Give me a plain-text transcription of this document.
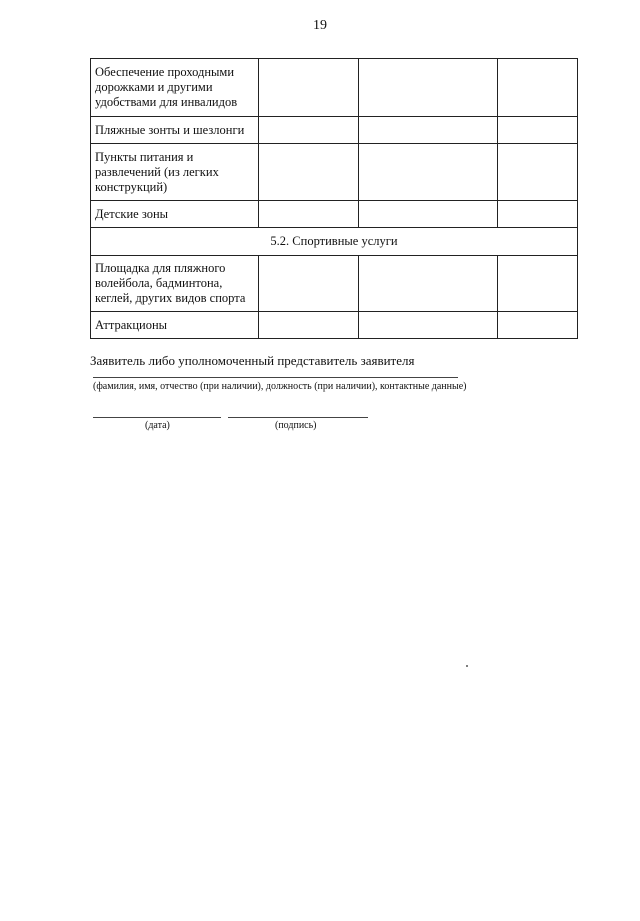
19
Обеспечение проходными дорожками и другими удобствами для инвалидов			
Пляжные зонты и шезлонги			
Пункты питания и развлечений (из легких конструкций)			
Детские зоны			
5.2. Спортивные услуги			
Площадка для пляжного волейбола, бадминтона, кеглей, других видов спорта			
Аттракционы			
Заявитель либо уполномоченный представитель заявителя
(фамилия, имя, отчество (при наличии), должность (при наличии), контактные данные)
(дата)	(подпись)
